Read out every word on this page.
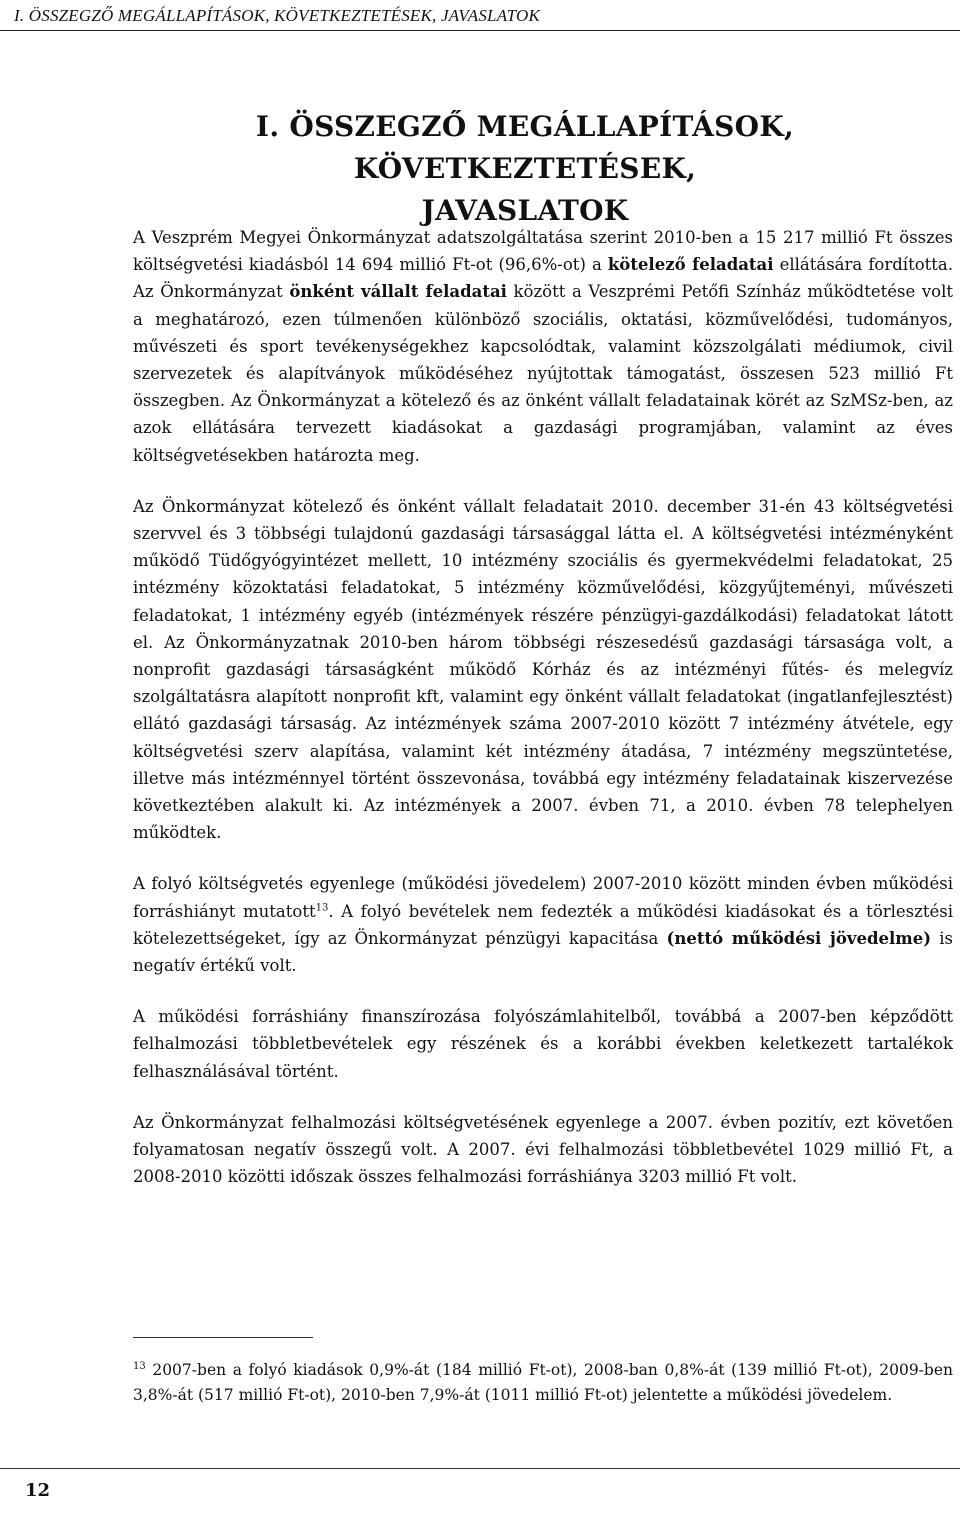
I. ÖSSZEGZŐ MEGÁLLAPÍTÁSOK, KÖVETKEZTETÉSEK, JAVASLATOK
I. ÖSSZEGZŐ MEGÁLLAPÍTÁSOK, KÖVETKEZTETÉSEK,
JAVASLATOK

A Veszprém Megyei Önkormányzat adatszolgáltatása szerint 2010-ben a 15 217 millió Ft összes költségvetési kiadásból 14 694 millió Ft-ot (96,6%-ot) a kötelező feladatai ellátására fordította. Az Önkormányzat önként vállalt feladatai között a Veszprémi Petőfi Színház működtetése volt a meghatározó, ezen túlmenően különböző szociális, oktatási, közművelődési, tudományos, művészeti és sport tevékenységekhez kapcsolódtak, valamint közszolgálati médiumok, civil szervezetek és alapítványok működéséhez nyújtottak támogatást, összesen 523 millió Ft összegben. Az Önkormányzat a kötelező és az önként vállalt feladatainak körét az SzMSz-ben, az azok ellátására tervezett kiadásokat a gazdasági programjában, valamint az éves költségvetésekben határozta meg.

Az Önkormányzat kötelező és önként vállalt feladatait 2010. december 31-én 43 költségvetési szervvel és 3 többségi tulajdonú gazdasági társasággal látta el. A költségvetési intézményként működő Tüdőgyógyintézet mellett, 10 intézmény szociális és gyermekvédelmi feladatokat, 25 intézmény közoktatási feladatokat, 5 intézmény közművelődési, közgyűjteményi, művészeti feladatokat, 1 intézmény egyéb (intézmények részére pénzügyi-gazdálkodási) feladatokat látott el. Az Önkormányzatnak 2010-ben három többségi részesedésű gazdasági társasága volt, a nonprofit gazdasági társaságként működő Kórház és az intézményi fűtés- és melegvíz szolgáltatásra alapított nonprofit kft, valamint egy önként vállalt feladatokat (ingatlanfejlesztést) ellátó gazdasági társaság. Az intézmények száma 2007-2010 között 7 intézmény átvétele, egy költségvetési szerv alapítása, valamint két intézmény átadása, 7 intézmény megszüntetése, illetve más intézménnyel történt összevonása, továbbá egy intézmény feladatainak kiszervezése következtében alakult ki. Az intézmények a 2007. évben 71, a 2010. évben 78 telephelyen működtek.

A folyó költségvetés egyenlege (működési jövedelem) 2007-2010 között minden évben működési forráshiányt mutatott$^{13}$. A folyó bevételek nem fedezték a működési kiadásokat és a törlesztési kötelezettségeket, így az Önkormányzat pénzügyi kapacitása (nettó működési jövedelme) is negatív értékű volt.

A működési forráshiány finanszírozása folyószámlahitelből, továbbá a 2007-ben képződött felhalmozási többletbevételek egy részének és a korábbi években keletkezett tartalékok felhasználásával történt.

Az Önkormányzat felhalmozási költségvetésének egyenlege a 2007. évben pozitív, ezt követően folyamatosan negatív összegű volt. A 2007. évi felhalmozási többletbevétel 1029 millió Ft, a 2008-2010 közötti időszak összes felhalmozási forráshiánya 3203 millió Ft volt.

$^{13}$ 2007-ben a folyó kiadások 0,9%-át (184 millió Ft-ot), 2008-ban 0,8%-át (139 millió Ft-ot), 2009-ben 3,8%-át (517 millió Ft-ot), 2010-ben 7,9%-át (1011 millió Ft-ot) jelentette a működési jövedelem.

12
